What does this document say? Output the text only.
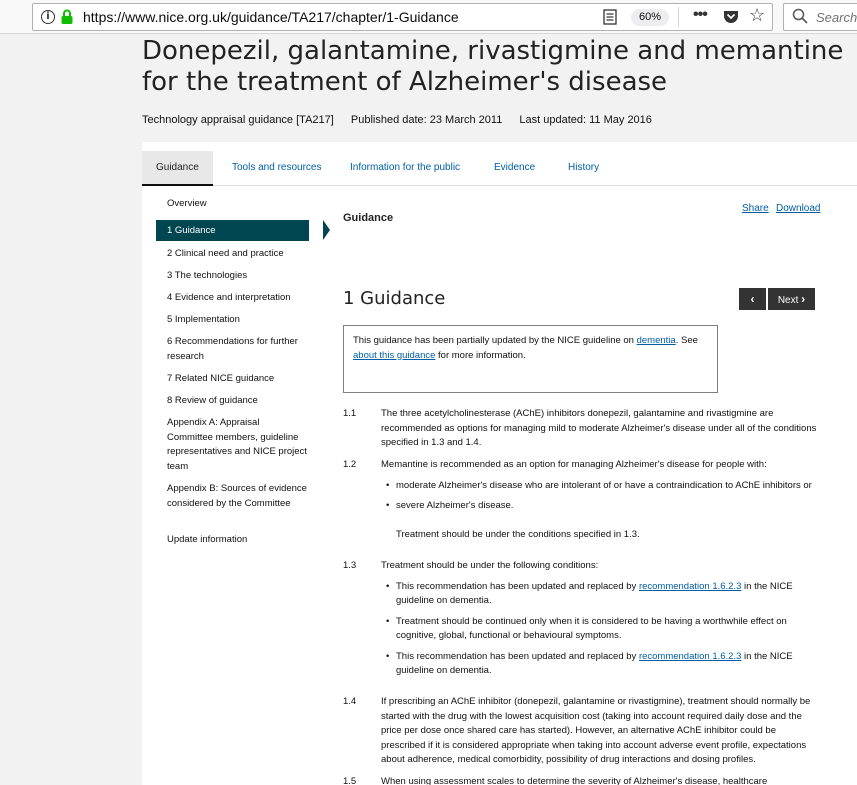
i	https://www.nice.org.uk/guidance/TA217/chapter/1-Guidance	60%	••• ☆	Search
Donepezil, galantamine, rivastigmine and memantine for the treatment of Alzheimer's disease
Technology appraisal guidance [TA217] Published date: 23 March 2011 Last updated: 11 May 2016
Guidance	Tools and resources	Information for the public	Evidence	History
Overview
1 Guidance
2 Clinical need and practice
3 The technologies
4 Evidence and interpretation
5 Implementation
6 Recommendations for further research
7 Related NICE guidance
8 Review of guidance
Appendix A: Appraisal Committee members, guideline representatives and NICE project team
Appendix B: Sources of evidence considered by the Committee
Update information
Guidance
Share Download
1 Guidance	‹	Next ›
This guidance has been partially updated by the NICE guideline on dementia. See about this guidance for more information.
1.1	The three acetylcholinesterase (AChE) inhibitors donepezil, galantamine and rivastigmine are recommended as options for managing mild to moderate Alzheimer's disease under all of the conditions specified in 1.3 and 1.4.
1.2	Memantine is recommended as an option for managing Alzheimer's disease for people with:
• moderate Alzheimer's disease who are intolerant of or have a contraindication to AChE inhibitors or
• severe Alzheimer's disease.
Treatment should be under the conditions specified in 1.3.
1.3	Treatment should be under the following conditions:
• This recommendation has been updated and replaced by recommendation 1.6.2.3 in the NICE guideline on dementia.
• Treatment should be continued only when it is considered to be having a worthwhile effect on cognitive, global, functional or behavioural symptoms.
• This recommendation has been updated and replaced by recommendation 1.6.2.3 in the NICE guideline on dementia.
1.4	If prescribing an AChE inhibitor (donepezil, galantamine or rivastigmine), treatment should normally be started with the drug with the lowest acquisition cost (taking into account required daily dose and the price per dose once shared care has started). However, an alternative AChE inhibitor could be prescribed if it is considered appropriate when taking into account adverse event profile, expectations about adherence, medical comorbidity, possibility of drug interactions and dosing profiles.
1.5	When using assessment scales to determine the severity of Alzheimer's disease, healthcare
